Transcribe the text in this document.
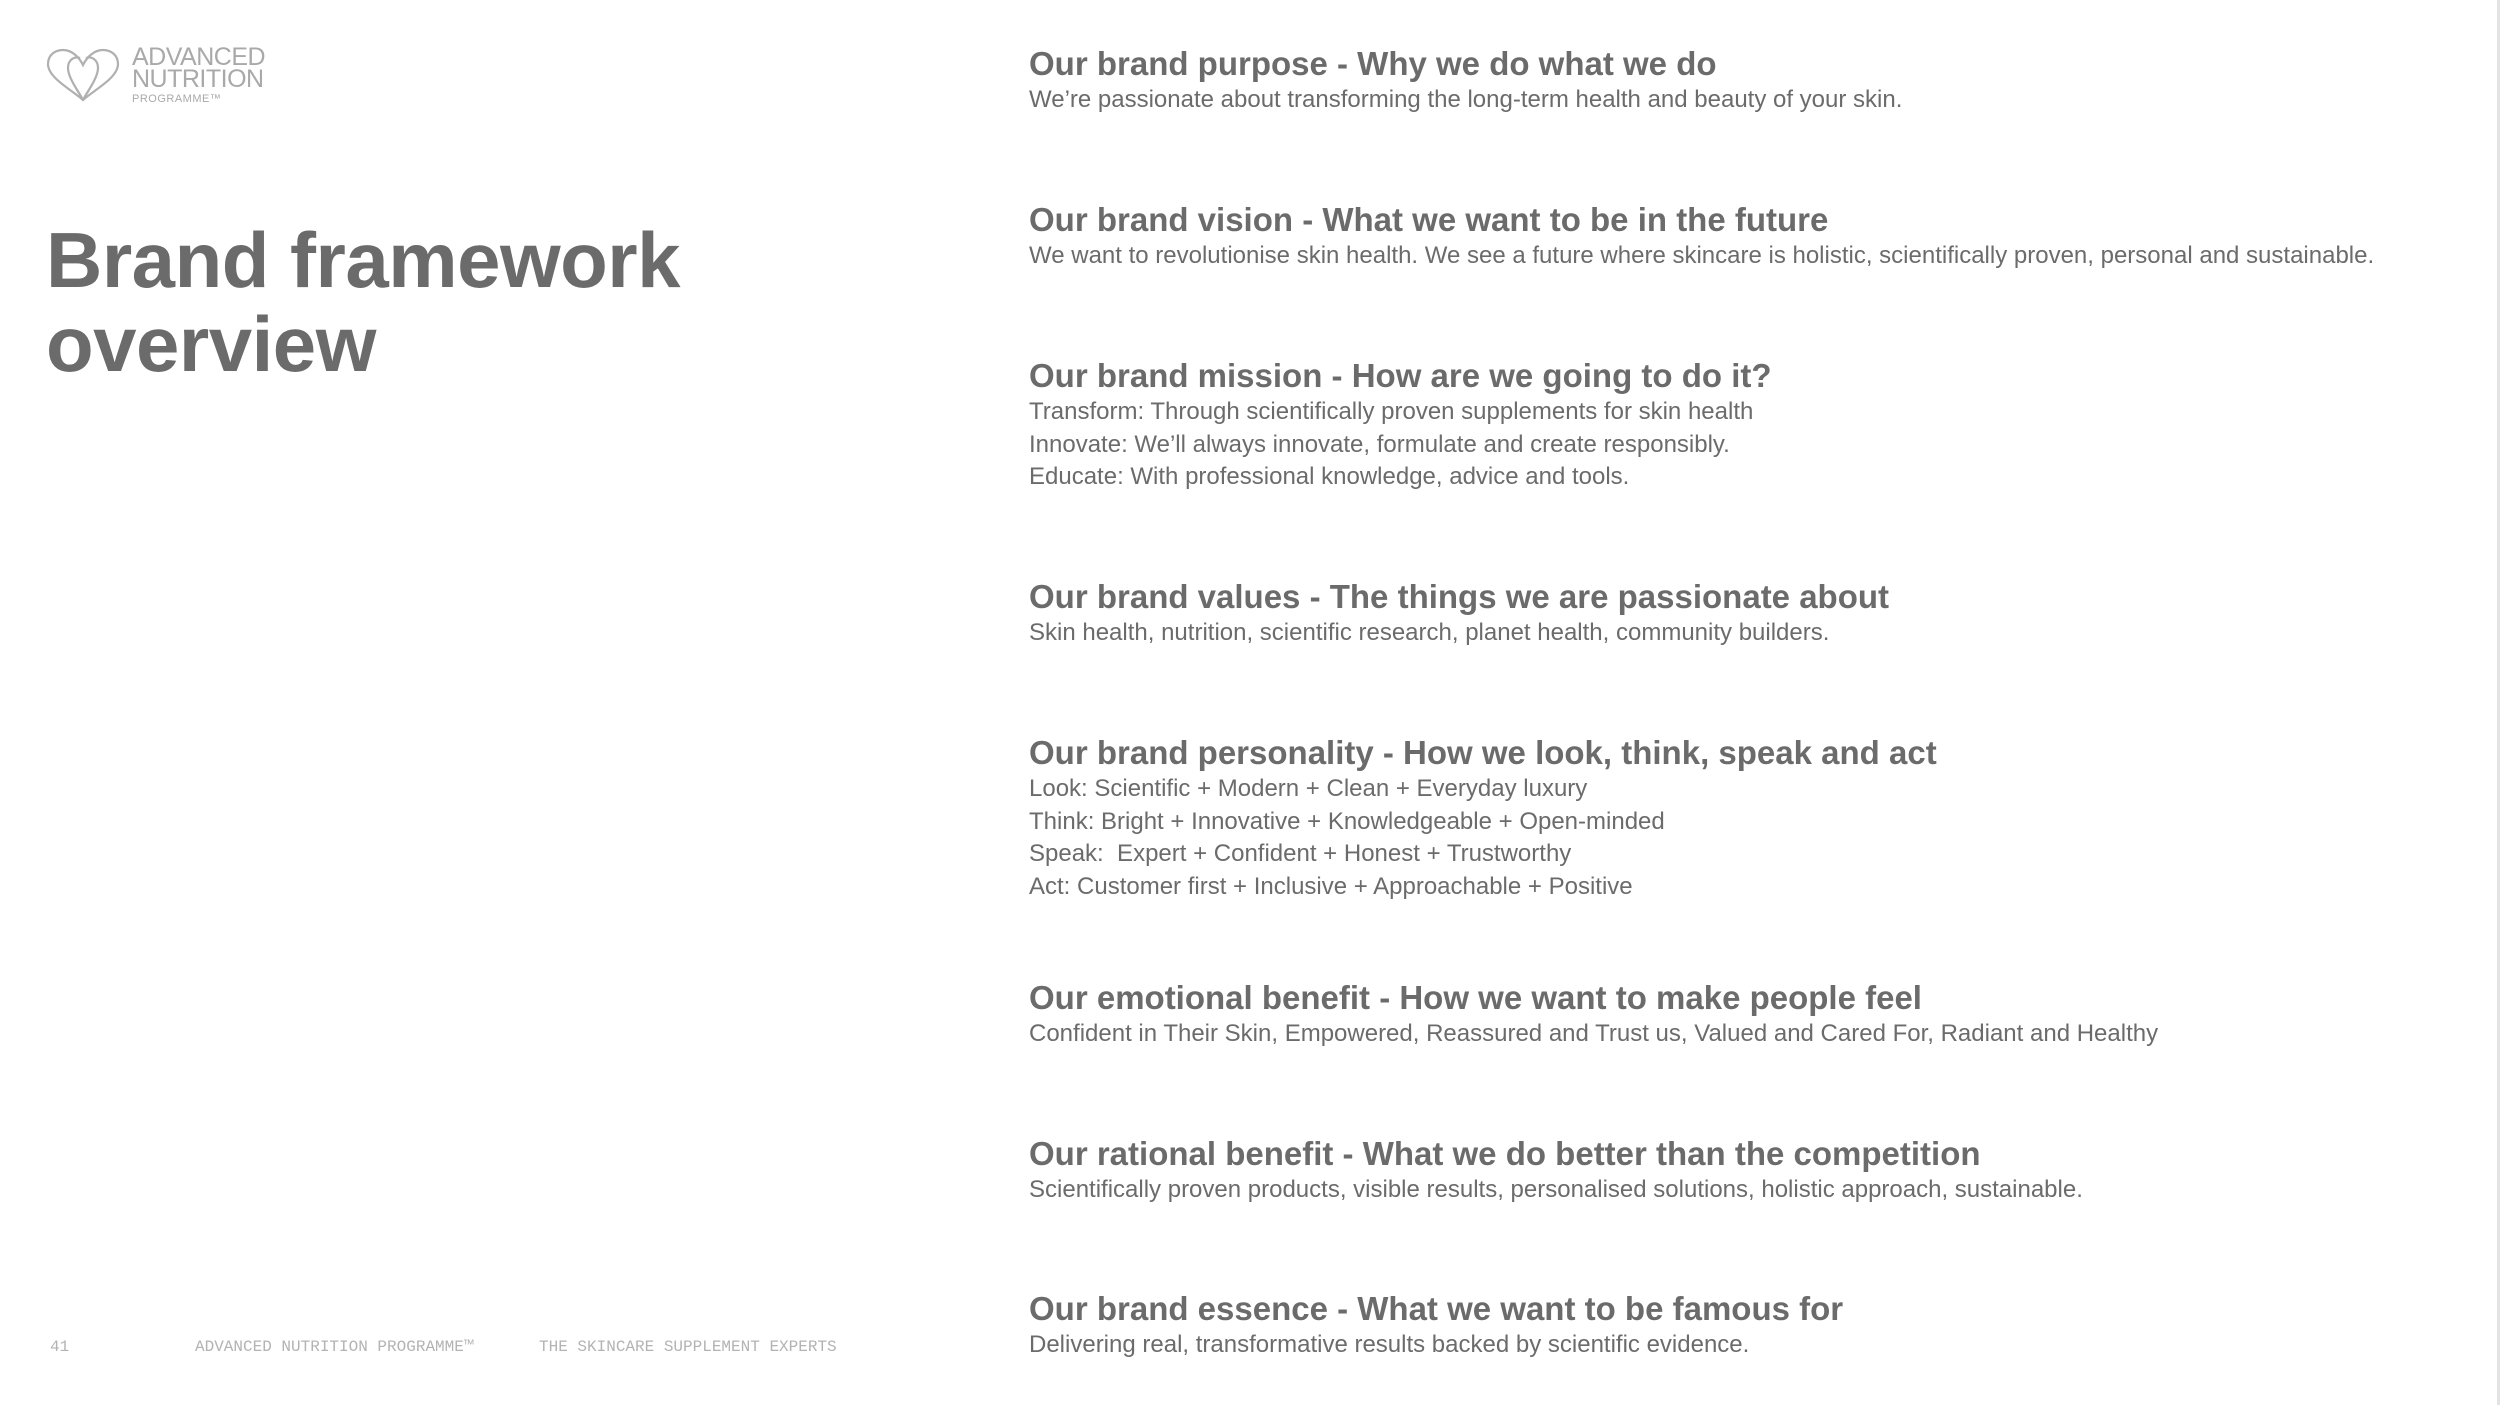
ADVANCED
NUTRITION
PROGRAMME™
Brand framework
overview
Our brand purpose - Why we do what we do
We’re passionate about transforming the long-term health and beauty of your skin.
Our brand vision - What we want to be in the future
We want to revolutionise skin health. We see a future where skincare is holistic, scientifically proven, personal and sustainable.
Our brand mission - How are we going to do it?
Transform: Through scientifically proven supplements for skin health
Innovate: We’ll always innovate, formulate and create responsibly.
Educate: With professional knowledge, advice and tools.
Our brand values - The things we are passionate about
Skin health, nutrition, scientific research, planet health, community builders.
Our brand personality - How we look, think, speak and act
Look: Scientific + Modern + Clean + Everyday luxury
Think: Bright + Innovative + Knowledgeable + Open-minded
Speak:  Expert + Confident + Honest + Trustworthy
Act: Customer first + Inclusive + Approachable + Positive
Our emotional benefit - How we want to make people feel
Confident in Their Skin, Empowered, Reassured and Trust us, Valued and Cared For, Radiant and Healthy
Our rational benefit - What we do better than the competition
Scientifically proven products, visible results, personalised solutions, holistic approach, sustainable.
Our brand essence - What we want to be famous for
Delivering real, transformative results backed by scientific evidence.
41	ADVANCED NUTRITION PROGRAMME™	THE SKINCARE SUPPLEMENT EXPERTS
